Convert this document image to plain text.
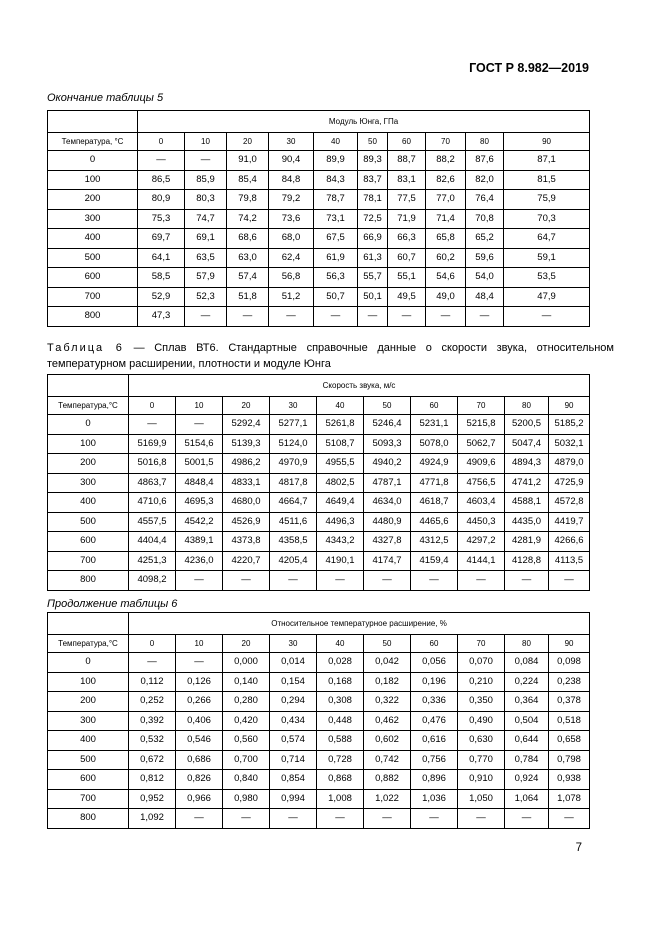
ГОСТ Р 8.982—2019
Окончание таблицы 5
	Модуль Юнга, ГПа									
Температура, °С	0	10	20	30	40	50	60	70	80	90
0	—	—	91,0	90,4	89,9	89,3	88,7	88,2	87,6	87,1
100	86,5	85,9	85,4	84,8	84,3	83,7	83,1	82,6	82,0	81,5
200	80,9	80,3	79,8	79,2	78,7	78,1	77,5	77,0	76,4	75,9
300	75,3	74,7	74,2	73,6	73,1	72,5	71,9	71,4	70,8	70,3
400	69,7	69,1	68,6	68,0	67,5	66,9	66,3	65,8	65,2	64,7
500	64,1	63,5	63,0	62,4	61,9	61,3	60,7	60,2	59,6	59,1
600	58,5	57,9	57,4	56,8	56,3	55,7	55,1	54,6	54,0	53,5
700	52,9	52,3	51,8	51,2	50,7	50,1	49,5	49,0	48,4	47,9
800	47,3	—	—	—	—	—	—	—	—	—
Таблица 6 — Сплав ВТ6. Стандартные справочные данные о скорости звука, относительном температурном расширении, плотности и модуле Юнга
	Скорость звука, м/с									
Температура,°С	0	10	20	30	40	50	60	70	80	90
0	—	—	5292,4	5277,1	5261,8	5246,4	5231,1	5215,8	5200,5	5185,2
100	5169,9	5154,6	5139,3	5124,0	5108,7	5093,3	5078,0	5062,7	5047,4	5032,1
200	5016,8	5001,5	4986,2	4970,9	4955,5	4940,2	4924,9	4909,6	4894,3	4879,0
300	4863,7	4848,4	4833,1	4817,8	4802,5	4787,1	4771,8	4756,5	4741,2	4725,9
400	4710,6	4695,3	4680,0	4664,7	4649,4	4634,0	4618,7	4603,4	4588,1	4572,8
500	4557,5	4542,2	4526,9	4511,6	4496,3	4480,9	4465,6	4450,3	4435,0	4419,7
600	4404,4	4389,1	4373,8	4358,5	4343,2	4327,8	4312,5	4297,2	4281,9	4266,6
700	4251,3	4236,0	4220,7	4205,4	4190,1	4174,7	4159,4	4144,1	4128,8	4113,5
800	4098,2	—	—	—	—	—	—	—	—	—
Продолжение таблицы 6
	Относительное температурное расширение, %									
Температура,°С	0	10	20	30	40	50	60	70	80	90
0	—	—	0,000	0,014	0,028	0,042	0,056	0,070	0,084	0,098
100	0,112	0,126	0,140	0,154	0,168	0,182	0,196	0,210	0,224	0,238
200	0,252	0,266	0,280	0,294	0,308	0,322	0,336	0,350	0,364	0,378
300	0,392	0,406	0,420	0,434	0,448	0,462	0,476	0,490	0,504	0,518
400	0,532	0,546	0,560	0,574	0,588	0,602	0,616	0,630	0,644	0,658
500	0,672	0,686	0,700	0,714	0,728	0,742	0,756	0,770	0,784	0,798
600	0,812	0,826	0,840	0,854	0,868	0,882	0,896	0,910	0,924	0,938
700	0,952	0,966	0,980	0,994	1,008	1,022	1,036	1,050	1,064	1,078
800	1,092	—	—	—	—	—	—	—	—	—
7
